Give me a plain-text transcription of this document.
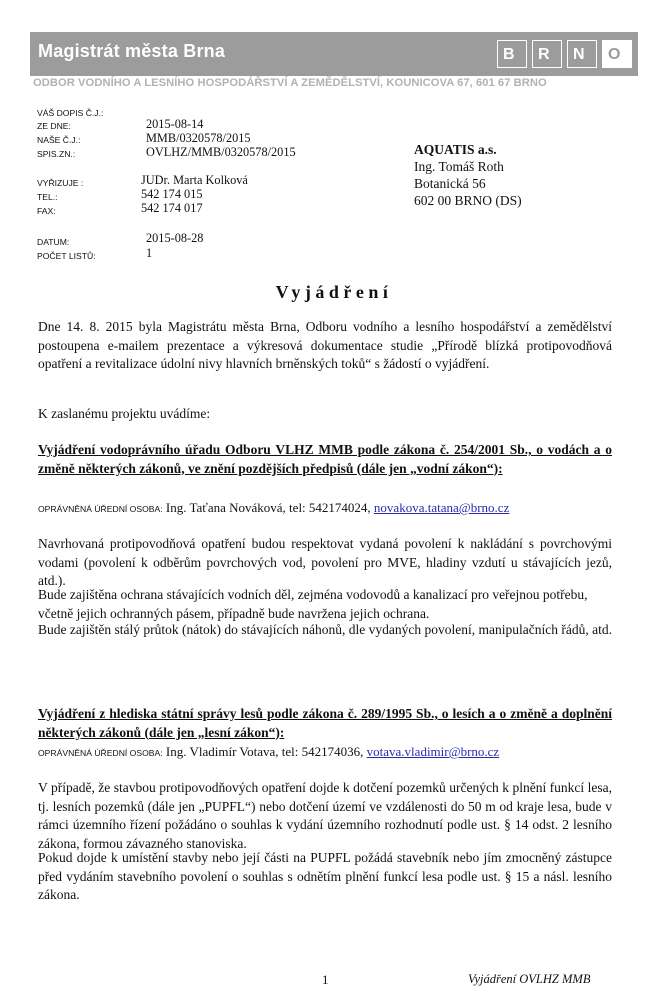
Magistrát města Brna	B	R	N	O
ODBOR VODNÍHO A LESNÍHO HOSPODÁŘSTVÍ A ZEMĚDĚLSTVÍ, KOUNICOVA 67, 601 67 BRNO
VÁŠ DOPIS Č.J.:
ZE DNE:	2015-08-14
NAŠE Č.J.:	MMB/0320578/2015
SPIS.ZN.:	OVLHZ/MMB/0320578/2015
VYŘIZUJE :	JUDr. Marta Kolková
TEL.:	542 174 015
FAX:	542 174 017
DATUM:	2015-08-28
POČET LISTŮ:	1
AQUATIS a.s.
Ing. Tomáš Roth
Botanická 56
602 00 BRNO (DS)
Vyjádření
Dne 14. 8. 2015 byla Magistrátu města Brna, Odboru vodního a lesního hospodářství a zemědělství postoupena e-mailem prezentace a výkresová dokumentace studie „Přírodě blízká protipovodňová opatření a revitalizace údolní nivy hlavních brněnských toků“ s žádostí o vyjádření.
K zaslanému projektu uvádíme:
Vyjádření vodoprávního úřadu Odboru VLHZ MMB podle zákona č. 254/2001 Sb., o vodách a o změně některých zákonů, ve znění pozdějších předpisů (dále jen „vodní zákon“):
OPRÁVNĚNÁ ÚŘEDNÍ OSOBA: Ing. Taťana Nováková, tel: 542174024, novakova.tatana@brno.cz
Navrhovaná protipovodňová opatření budou respektovat vydaná povolení k nakládání s povrchovými vodami (povolení k odběrům povrchových vod, povolení pro MVE, hladiny vzdutí u stávajících jezů, atd.).
Bude zajištěna ochrana stávajících vodních děl, zejména vodovodů a kanalizací pro veřejnou potřebu, včetně jejich ochranných pásem, případně bude navržena jejich ochrana.
Bude zajištěn stálý průtok (nátok) do stávajících náhonů, dle vydaných povolení, manipulačních řádů, atd.
Vyjádření z hlediska státní správy lesů podle zákona č. 289/1995 Sb., o lesích a o změně a doplnění některých zákonů (dále jen „lesní zákon“):
OPRÁVNĚNÁ ÚŘEDNÍ OSOBA: Ing. Vladimír Votava, tel: 542174036, votava.vladimir@brno.cz
V případě, že stavbou protipovodňových opatření dojde k dotčení pozemků určených k plnění funkcí lesa, tj. lesních pozemků (dále jen „PUPFL“) nebo dotčení území ve vzdálenosti do 50 m od kraje lesa, bude v rámci územního řízení požádáno o souhlas k vydání územního rozhodnutí podle ust. § 14 odst. 2 lesního zákona, formou závazného stanoviska.
Pokud dojde k umístění stavby nebo její části na PUPFL požádá stavebník nebo jím zmocněný zástupce před vydáním stavebního povolení o souhlas s odnětím plnění funkcí lesa podle ust. § 15 a násl. lesního zákona.
1	Vyjádření OVLHZ MMB
